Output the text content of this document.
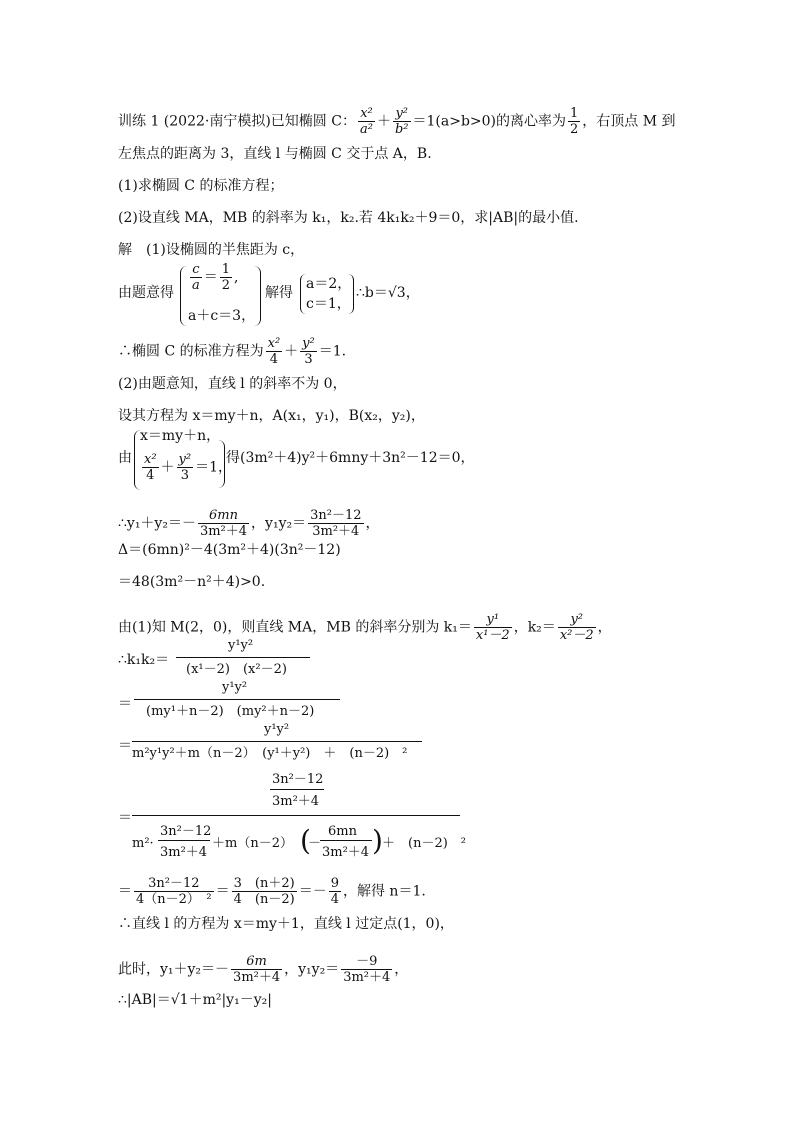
训练 1 (2022·南宁模拟)已知椭圆 C： $\frac{\text{x²}}{\text{a²}} + \frac{\text{y²}}{\text{b²}} =1(a>b>0)$的离心率为 $\frac{1}{2}$ ，右顶点 M 到
左焦点的距离为 3，直线 l 与椭圆 C 交于点 A，B.
(1)求椭圆 C 的标准方程；
(2)设直线 MA，MB 的斜率为 k₁，k₂.若 4k₁k₂＋9＝0，求|AB|的最小值.
解　(1)设椭圆的半焦距为 c，
由题意得 $\frac{c}{a} = \frac{1}{2}$ ,
a＋c＝3，
解得
a＝2，
c＝1，
∴b＝√3，
∴椭圆 C 的标准方程为 $\frac{\text{x²}}{4} + \frac{\text{y²}}{3} =1$.
(2)由题意知，直线 l 的斜率不为 0，
设其方程为 x＝my＋n，A(x₁，y₁)，B(x₂，y₂)，
由
x＝my＋n，
$\frac{\text{x²}}{4} + \frac{\text{y²}}{3} =1$，
得(3m²＋4)y²＋6mny＋3n²－12＝0，
∴y₁＋y₂＝－ $\frac{6mn}{\text{3m²＋4}}$ ，$y_1y_2= \frac{\text{3n²－12}}{\text{3m²＋4}}$ ，
Δ＝(6mn)²－4(3m²＋4)(3n²－12)
＝48(3m²－n²＋4)>0.
由(1)知 M(2，0)，则直线 MA，MB 的斜率分别为 $k_1= \frac{\text{y¹}}{\text{x¹－2}}$ ，$k_2= \frac{\text{y²}}{\text{x²－2}}$ ，
∴k₁k₂＝
y¹y²
(x¹－2)　(x²－2)
＝
y¹y²
(my¹＋n－2)　(my²＋n－2)
＝
y¹y²
m²y¹y²＋m（n－2）　(y¹＋y²)　＋　(n－2)　²
＝
3n²－12
3m²＋4
m²·
3n²－12
3m²＋4
＋m（n－2） (
－
6mn
3m²＋4 ) ＋　(n－2)　²
＝ $\frac{\text{3n²－12}}{\text{4（n－2）　²}} = \frac{3 (n+2)}{4 (n-2)} =- \frac{9}{4}$ ，解得 n＝1.
∴直线 l 的方程为 x＝my＋1，直线 l 过定点(1，0)，
此时，$y_1+y_2=- \frac{6m}{\text{3m²＋4}}$ ，$y_1y_2= \frac{-9}{\text{3m²＋4}}$ ，
∴|AB|＝√1＋m²|y₁－y₂|
